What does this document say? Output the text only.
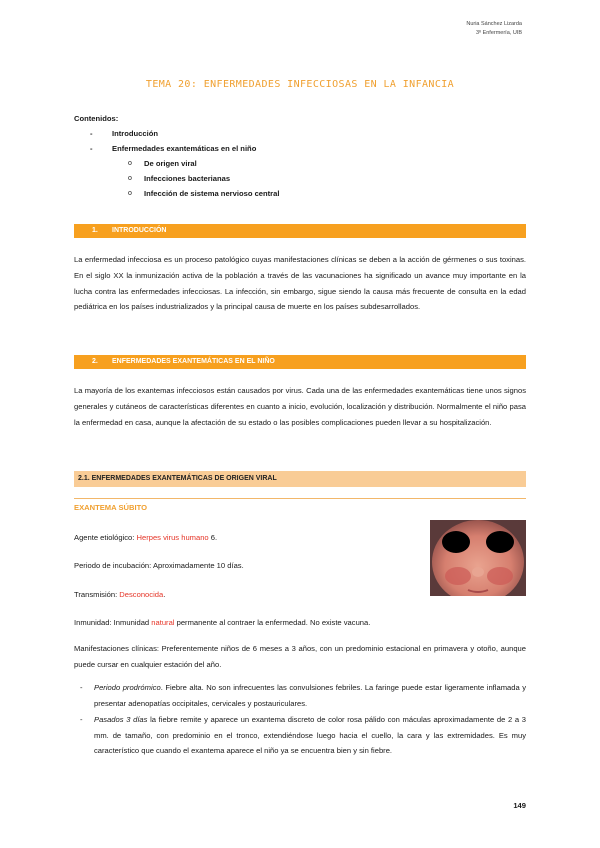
Nuria Sánchez Lizarda
3º Enfermería, UIB
TEMA 20: ENFERMEDADES INFECCIOSAS EN LA INFANCIA
Contenidos:
-	Introducción
-	Enfermedades exantemáticas en el niño
o De origen viral
o Infecciones bacterianas
o Infección de sistema nervioso central
1. INTRODUCCIÓN
La enfermedad infecciosa es un proceso patológico cuyas manifestaciones clínicas se deben a la acción de gérmenes o sus toxinas. En el siglo XX la inmunización activa de la población a través de las vacunaciones ha significado un avance muy importante en la lucha contra las enfermedades infecciosas. La infección, sin embargo, sigue siendo la causa más frecuente de consulta en la edad pediátrica en los países industrializados y la principal causa de muerte en los países subdesarrollados.
2. ENFERMEDADES EXANTEMÁTICAS EN EL NIÑO
La mayoría de los exantemas infecciosos están causados por virus. Cada una de las enfermedades exantemáticas tiene unos signos generales y cutáneos de características diferentes en cuanto a inicio, evolución, localización y distribución. Normalmente el niño pasa la enfermedad en casa, aunque la afectación de su estado o las posibles complicaciones pueden llevar a su hospitalización.
2.1. ENFERMEDADES EXANTEMÁTICAS DE ORIGEN VIRAL
EXANTEMA SÚBITO
Agente etiológico: Herpes virus humano 6.
Periodo de incubación: Aproximadamente 10 días.
Transmisión: Desconocida.
Inmunidad: Inmunidad natural permanente al contraer la enfermedad. No existe vacuna.
Manifestaciones clínicas: Preferentemente niños de 6 meses a 3 años, con un predominio estacional en primavera y otoño, aunque puede cursar en cualquier estación del año.
- Periodo prodrómico. Fiebre alta. No son infrecuentes las convulsiones febriles. La faringe puede estar ligeramente inflamada y presentar adenopatías occipitales, cervicales y postauriculares.
- Pasados 3 días la fiebre remite y aparece un exantema discreto de color rosa pálido con máculas aproximadamente de 2 a 3 mm. de tamaño, con predominio en el tronco, extendiéndose luego hacia el cuello, la cara y las extremidades. Es muy característico que cuando el exantema aparece el niño ya se encuentra bien y sin fiebre.
149
